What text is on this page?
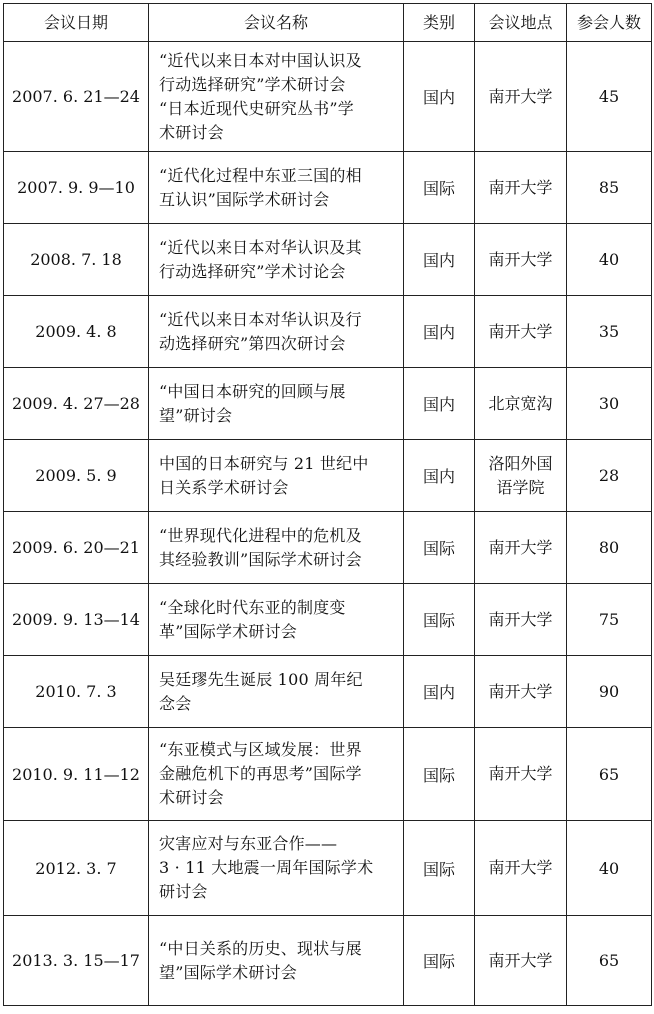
会议日期	会议名称	类别	会议地点	参会人数
2007. 6. 21—24	“近代以来日本对中国认识及
行动选择研究”学术研讨会
“日本近现代史研究丛书”学
术研讨会	国内	南开大学	45
2007. 9. 9—10	“近代化过程中东亚三国的相
互认识”国际学术研讨会	国际	南开大学	85
2008. 7. 18	“近代以来日本对华认识及其
行动选择研究”学术讨论会	国内	南开大学	40
2009. 4. 8	“近代以来日本对华认识及行
动选择研究”第四次研讨会	国内	南开大学	35
2009. 4. 27—28	“中国日本研究的回顾与展
望”研讨会	国内	北京宽沟	30
2009. 5. 9	中国的日本研究与 21 世纪中
日关系学术研讨会	国内	洛阳外国
语学院	28
2009. 6. 20—21	“世界现代化进程中的危机及
其经验教训”国际学术研讨会	国际	南开大学	80
2009. 9. 13—14	“全球化时代东亚的制度变
革”国际学术研讨会	国际	南开大学	75
2010. 7. 3	吴廷璆先生诞辰 100 周年纪
念会	国内	南开大学	90
2010. 9. 11—12	“东亚模式与区域发展：世界
金融危机下的再思考”国际学
术研讨会	国际	南开大学	65
2012. 3. 7	灾害应对与东亚合作——
3 · 11 大地震一周年国际学术
研讨会	国际	南开大学	40
2013. 3. 15—17	“中日关系的历史、现状与展
望”国际学术研讨会	国际	南开大学	65
